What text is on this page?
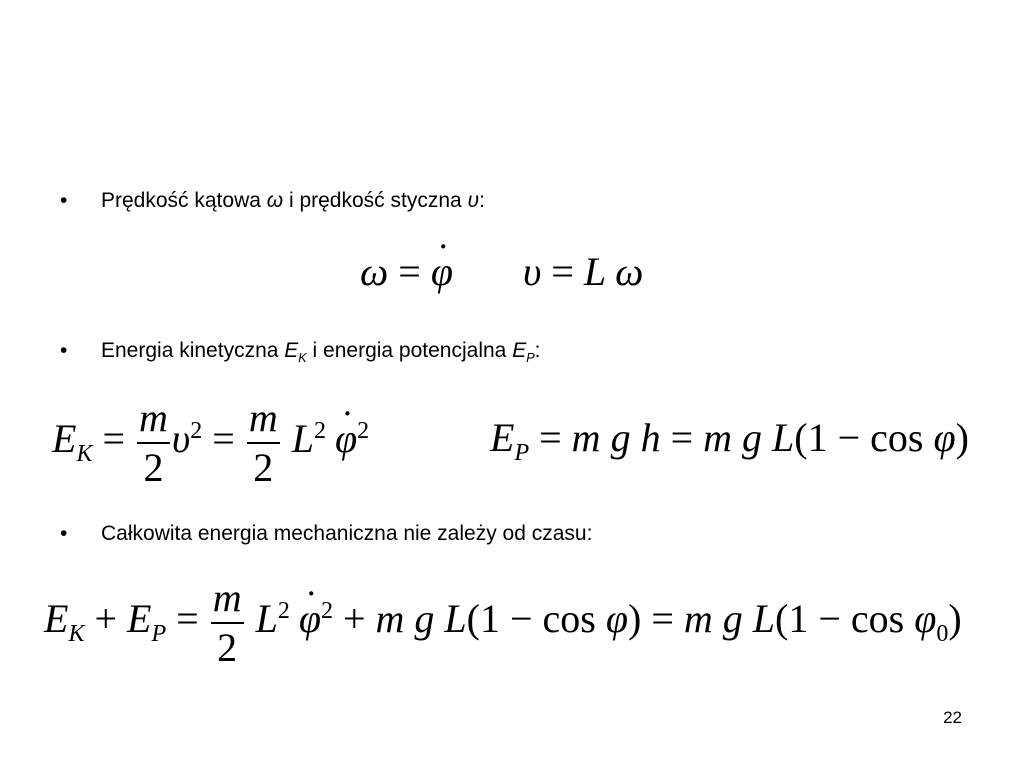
• Prędkość kątowa ω i prędkość styczna υ:
ω = ˙ φ υ = L ω
• Energia kinetyczna $E_K$ i energia potencjalna $E_P$:
$E_K = \frac{m}{2} \upsilon^2 = \frac{m}{2}$ $L^2˙$ $\varphi^2$	$E_P = m$ g h = m g L(1 − cos φ)
• Całkowita energia mechaniczna nie zależy od czasu:
$E_K + E_P = \frac{m}{2}$ $L^2˙$ $\varphi^2 + m$ g L(1 − cos φ) = m g $L(1 - \cos \varphi_0)$
22
